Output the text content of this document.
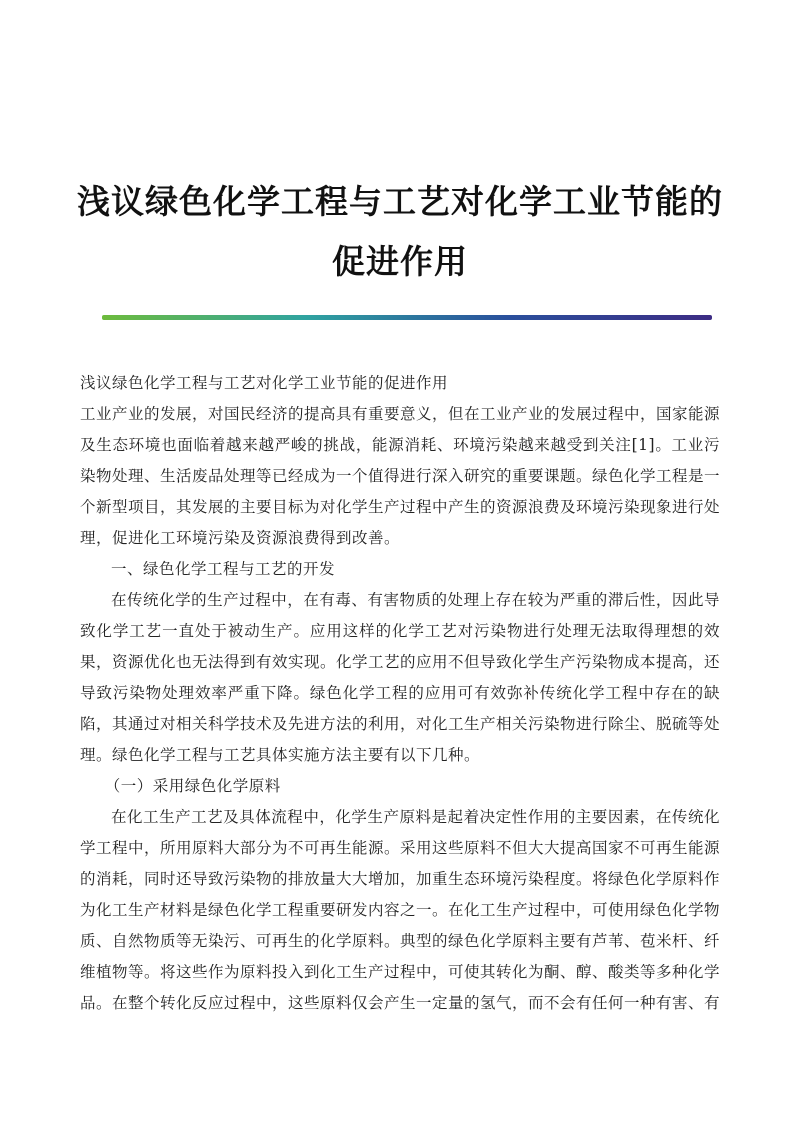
浅议绿色化学工程与工艺对化学工业节能的
促进作用

浅议绿色化学工程与工艺对化学工业节能的促进作用

工业产业的发展，对国民经济的提高具有重要意义，但在工业产业的发展过程中，国家能源及生态环境也面临着越来越严峻的挑战，能源消耗、环境污染越来越受到关注[1]。工业污染物处理、生活废品处理等已经成为一个值得进行深入研究的重要课题。绿色化学工程是一个新型项目，其发展的主要目标为对化学生产过程中产生的资源浪费及环境污染现象进行处理，促进化工环境污染及资源浪费得到改善。

一、绿色化学工程与工艺的开发

在传统化学的生产过程中，在有毒、有害物质的处理上存在较为严重的滞后性，因此导致化学工艺一直处于被动生产。应用这样的化学工艺对污染物进行处理无法取得理想的效果，资源优化也无法得到有效实现。化学工艺的应用不但导致化学生产污染物成本提高，还导致污染物处理效率严重下降。绿色化学工程的应用可有效弥补传统化学工程中存在的缺陷，其通过对相关科学技术及先进方法的利用，对化工生产相关污染物进行除尘、脱硫等处理。绿色化学工程与工艺具体实施方法主要有以下几种。

（一）采用绿色化学原料

在化工生产工艺及具体流程中，化学生产原料是起着决定性作用的主要因素，在传统化学工程中，所用原料大部分为不可再生能源。采用这些原料不但大大提高国家不可再生能源的消耗，同时还导致污染物的排放量大大增加，加重生态环境污染程度。将绿色化学原料作为化工生产材料是绿色化学工程重要研发内容之一。在化工生产过程中，可使用绿色化学物质、自然物质等无染污、可再生的化学原料。典型的绿色化学原料主要有芦苇、苞米杆、纤维植物等。将这些作为原料投入到化工生产过程中，可使其转化为酮、醇、酸类等多种化学品。在整个转化反应过程中，这些原料仅会产生一定量的氢气，而不会有任何一种有害、有
